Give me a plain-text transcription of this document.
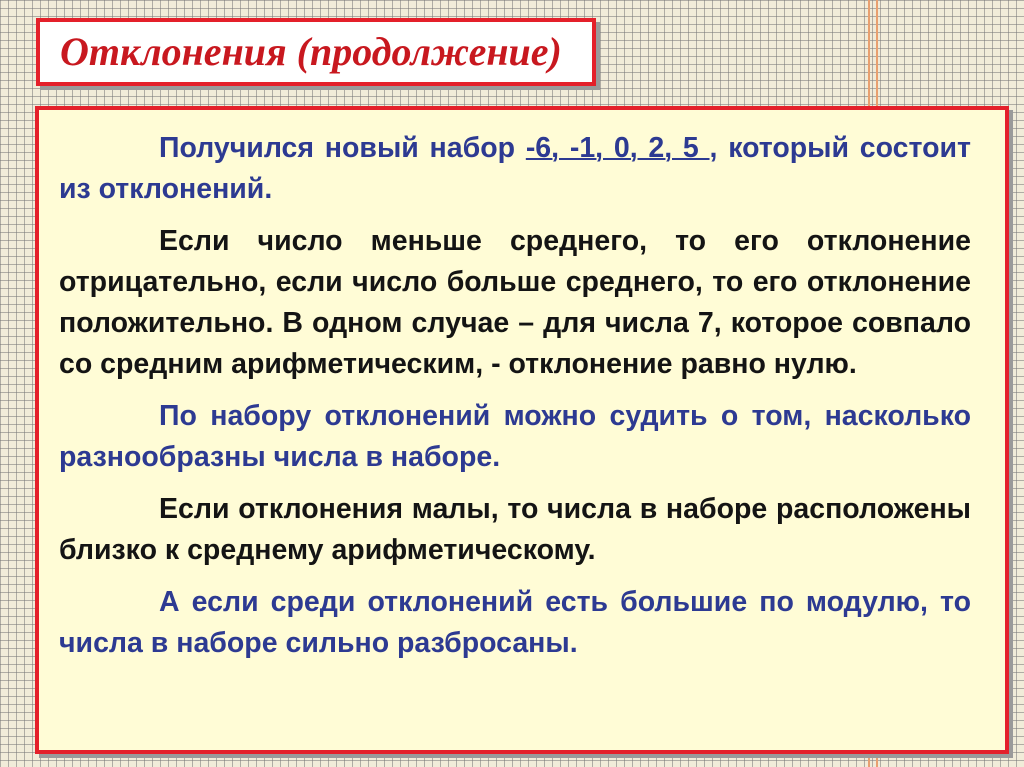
Отклонения (продолжение)

Получился новый набор -6, -1, 0, 2, 5 , который состоит из отклонений.

Если число меньше среднего, то его отклонение отрицательно, если число больше среднего, то его отклонение положительно. В одном случае – для числа 7, которое совпало со средним арифметическим, - отклонение равно нулю.

По набору отклонений можно судить о том, насколько разнообразны числа в наборе.

Если отклонения малы, то числа в наборе расположены близко к среднему арифметическому.

А если среди отклонений есть большие по модулю, то числа в наборе сильно разбросаны.
